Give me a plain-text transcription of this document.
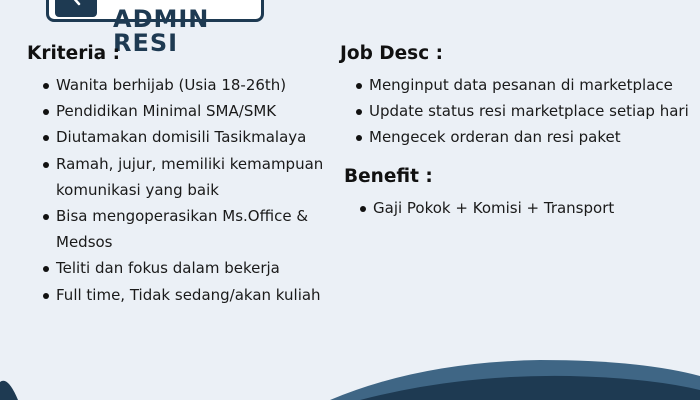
ADMIN RESI
Kriteria :
Wanita berhijab (Usia 18-26th)
Pendidikan Minimal SMA/SMK
Diutamakan domisili Tasikmalaya
Ramah, jujur, memiliki kemampuan komunikasi yang baik
Bisa mengoperasikan Ms.Office & Medsos
Teliti dan fokus dalam bekerja
Full time, Tidak sedang/akan kuliah
Job Desc :
Menginput data pesanan di marketplace
Update status resi marketplace setiap hari
Mengecek orderan dan resi paket
Benefit :
Gaji Pokok + Komisi + Transport
